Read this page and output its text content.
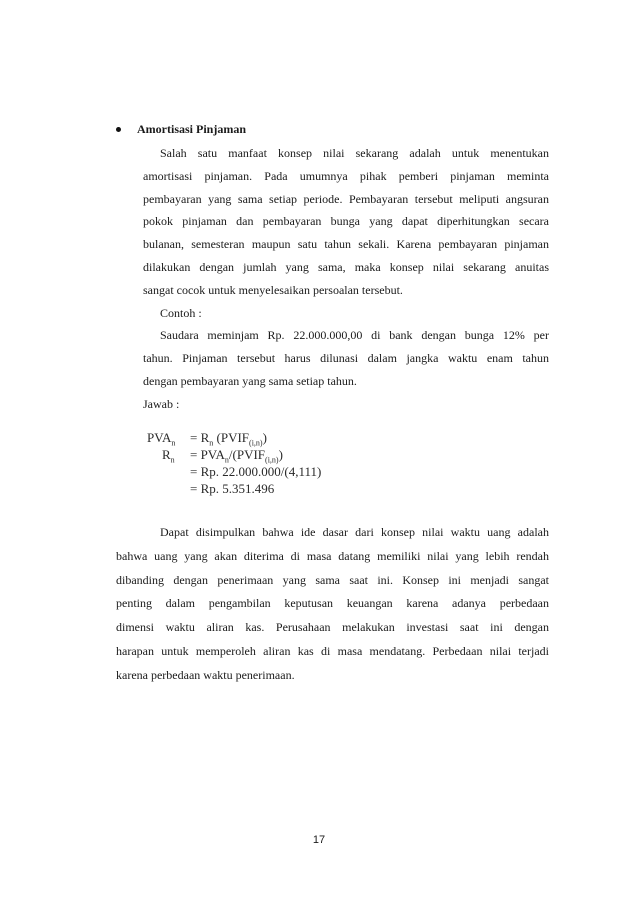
Amortisasi Pinjaman
Salah satu manfaat konsep nilai sekarang adalah untuk menentukan
amortisasi pinjaman. Pada umumnya pihak pemberi pinjaman meminta
pembayaran yang sama setiap periode. Pembayaran tersebut meliputi angsuran
pokok pinjaman dan pembayaran bunga yang dapat diperhitungkan secara
bulanan, semesteran maupun satu tahun sekali. Karena pembayaran pinjaman
dilakukan dengan jumlah yang sama, maka konsep nilai sekarang anuitas
sangat cocok untuk menyelesaikan persoalan tersebut.
Contoh :
Saudara meminjam Rp. 22.000.000,00 di bank dengan bunga 12% per
tahun. Pinjaman tersebut harus dilunasi dalam jangka waktu enam tahun
dengan pembayaran yang sama setiap tahun.
Jawab :
$PVA_n$	= $R_n$ $(PVIF_{(i,n)})$
$R_n$	= $PVA_n/(PVIF_{(i,n)})$
= Rp. 22.000.000/(4,111)
= Rp. 5.351.496
Dapat disimpulkan bahwa ide dasar dari konsep nilai waktu uang adalah
bahwa uang yang akan diterima di masa datang memiliki nilai yang lebih rendah
dibanding dengan penerimaan yang sama saat ini. Konsep ini menjadi sangat
penting dalam pengambilan keputusan keuangan karena adanya perbedaan
dimensi waktu aliran kas. Perusahaan melakukan investasi saat ini dengan
harapan untuk memperoleh aliran kas di masa mendatang. Perbedaan nilai terjadi
karena perbedaan waktu penerimaan.
17
